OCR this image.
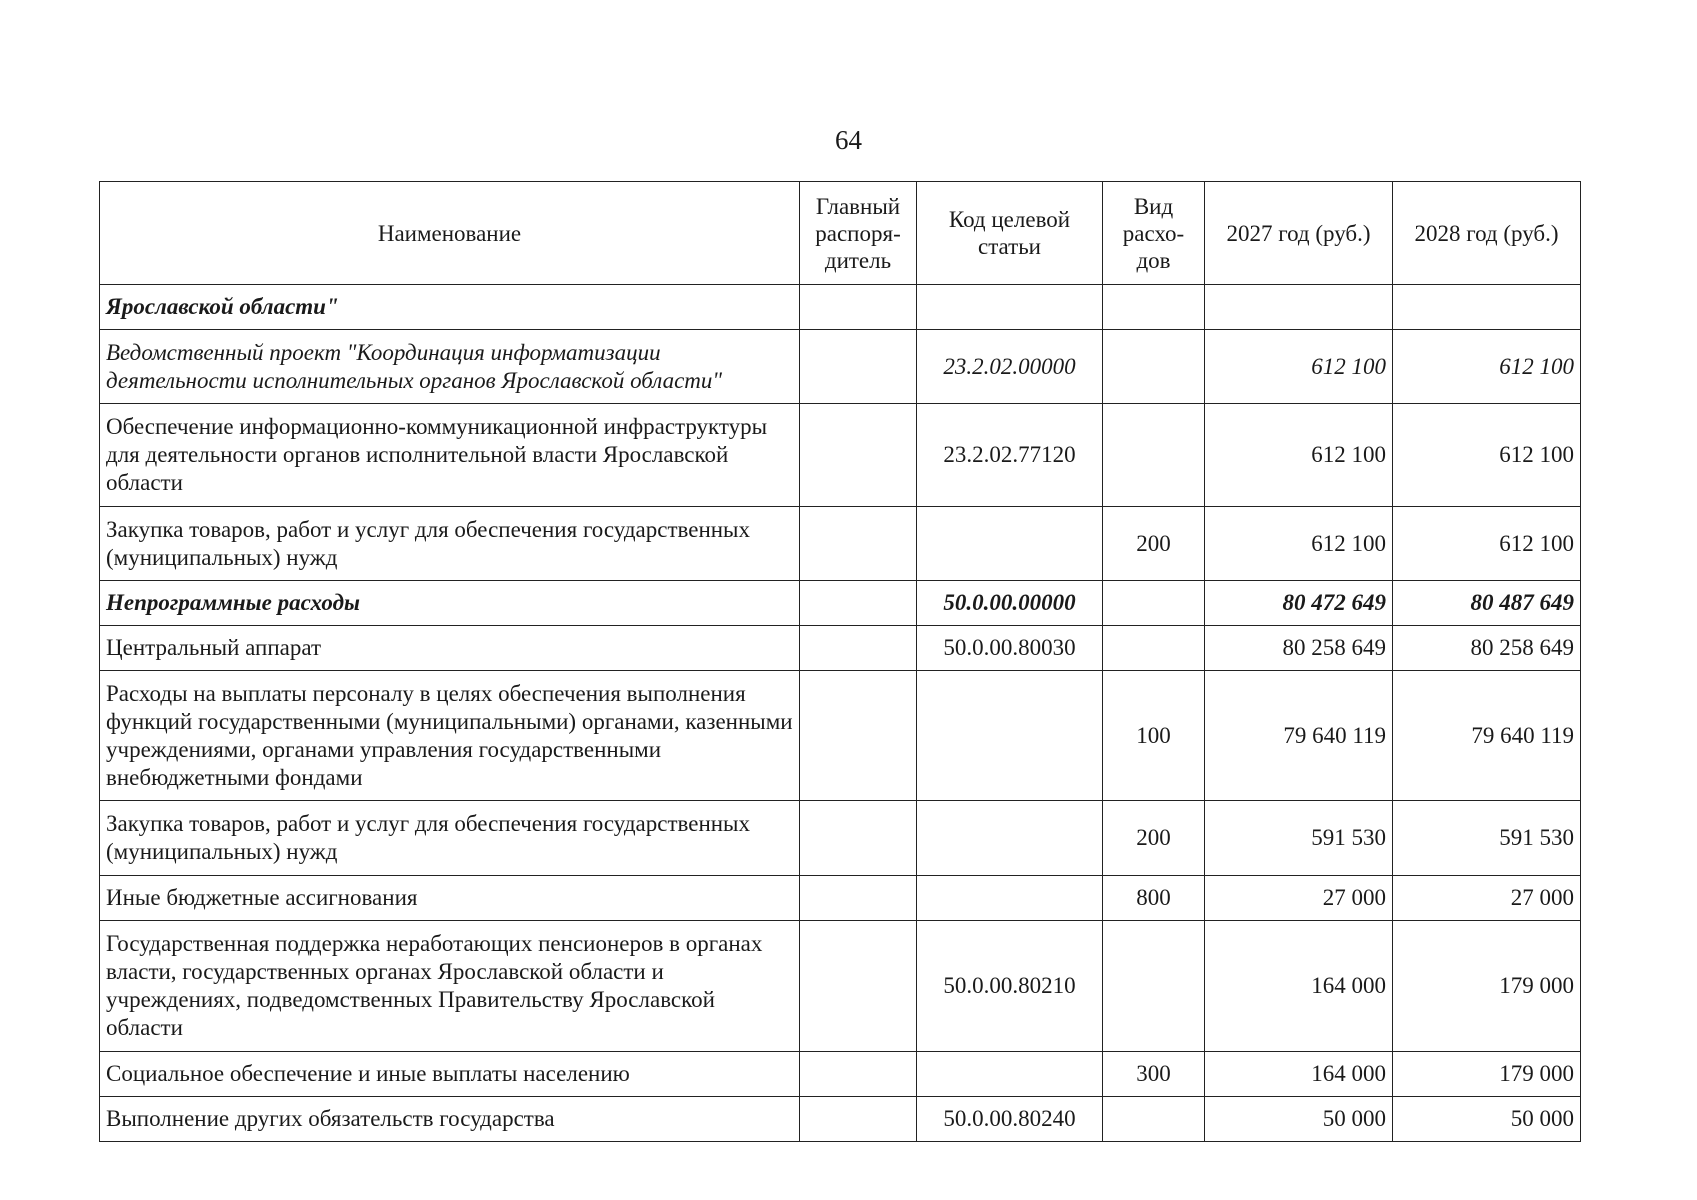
64
Наименование	Главный распоря-дитель	Код целевой статьи	Вид расхо-дов	2027 год (руб.)	2028 год (руб.)
Ярославской области"					
Ведомственный проект "Координация информатизации деятельности исполнительных органов Ярославской области"		23.2.02.00000		612 100	612 100
Обеспечение информационно-коммуникационной инфраструктуры для деятельности органов исполнительной власти Ярославской области		23.2.02.77120		612 100	612 100
Закупка товаров, работ и услуг для обеспечения государственных (муниципальных) нужд			200	612 100	612 100
Непрограммные расходы		50.0.00.00000		80 472 649	80 487 649
Центральный аппарат		50.0.00.80030		80 258 649	80 258 649
Расходы на выплаты персоналу в целях обеспечения выполнения функций государственными (муниципальными) органами, казенными учреждениями, органами управления государственными внебюджетными фондами			100	79 640 119	79 640 119
Закупка товаров, работ и услуг для обеспечения государственных (муниципальных) нужд			200	591 530	591 530
Иные бюджетные ассигнования			800	27 000	27 000
Государственная поддержка неработающих пенсионеров в органах власти, государственных органах Ярославской области и учреждениях, подведомственных Правительству Ярославской области		50.0.00.80210		164 000	179 000
Социальное обеспечение и иные выплаты населению			300	164 000	179 000
Выполнение других обязательств государства		50.0.00.80240		50 000	50 000
